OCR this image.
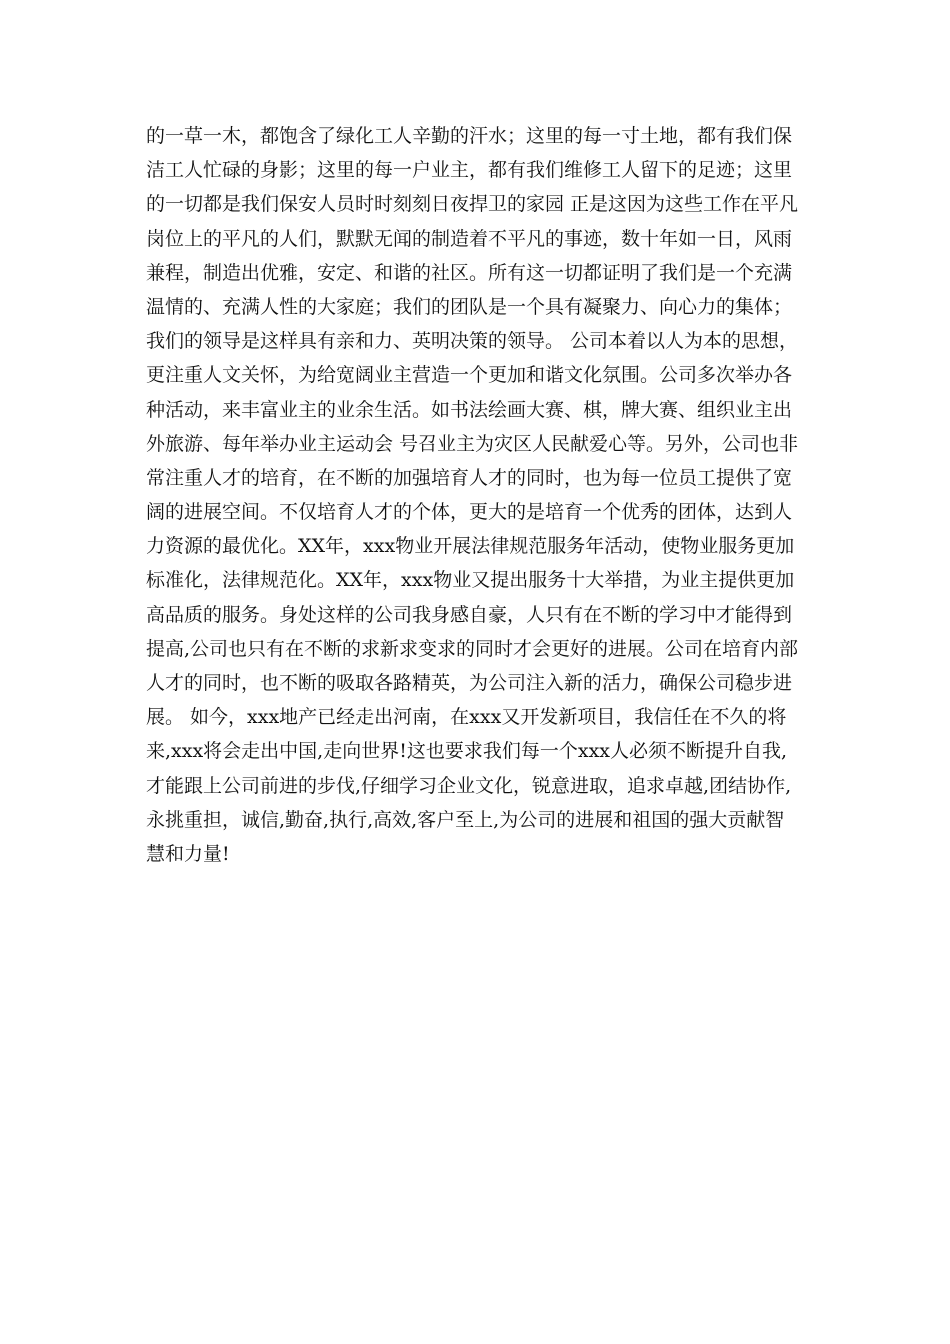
的一草一木，都饱含了绿化工人辛勤的汗水；这里的每一寸土地，都有我们保
洁工人忙碌的身影；这里的每一户业主，都有我们维修工人留下的足迹；这里
的一切都是我们保安人员时时刻刻日夜捍卫的家园 正是这因为这些工作在平凡
岗位上的平凡的人们，默默无闻的制造着不平凡的事迹，数十年如一日，风雨
兼程，制造出优雅，安定、和谐的社区。所有这一切都证明了我们是一个充满
温情的、充满人性的大家庭；我们的团队是一个具有凝聚力、向心力的集体；
我们的领导是这样具有亲和力、英明决策的领导。 公司本着以人为本的思想，
更注重人文关怀，为给宽阔业主营造一个更加和谐文化氛围。公司多次举办各
种活动，来丰富业主的业余生活。如书法绘画大赛、棋，牌大赛、组织业主出
外旅游、每年举办业主运动会 号召业主为灾区人民献爱心等。另外，公司也非
常注重人才的培育，在不断的加强培育人才的同时，也为每一位员工提供了宽
阔的进展空间。不仅培育人才的个体，更大的是培育一个优秀的团体，达到人
力资源的最优化。XX年，xxx物业开展法律规范服务年活动，使物业服务更加
标准化，法律规范化。XX年，xxx物业又提出服务十大举措，为业主提供更加
高品质的服务。身处这样的公司我身感自豪，人只有在不断的学习中才能得到
提高,公司也只有在不断的求新求变求的同时才会更好的进展。公司在培育内部
人才的同时，也不断的吸取各路精英，为公司注入新的活力，确保公司稳步进
展。 如今，xxx地产已经走出河南，在xxx又开发新项目，我信任在不久的将
来,xxx将会走出中国,走向世界!这也要求我们每一个xxx人必须不断提升自我,
才能跟上公司前进的步伐,仔细学习企业文化，锐意进取，追求卓越,团结协作,
永挑重担，诚信,勤奋,执行,高效,客户至上,为公司的进展和祖国的强大贡献智
慧和力量!
